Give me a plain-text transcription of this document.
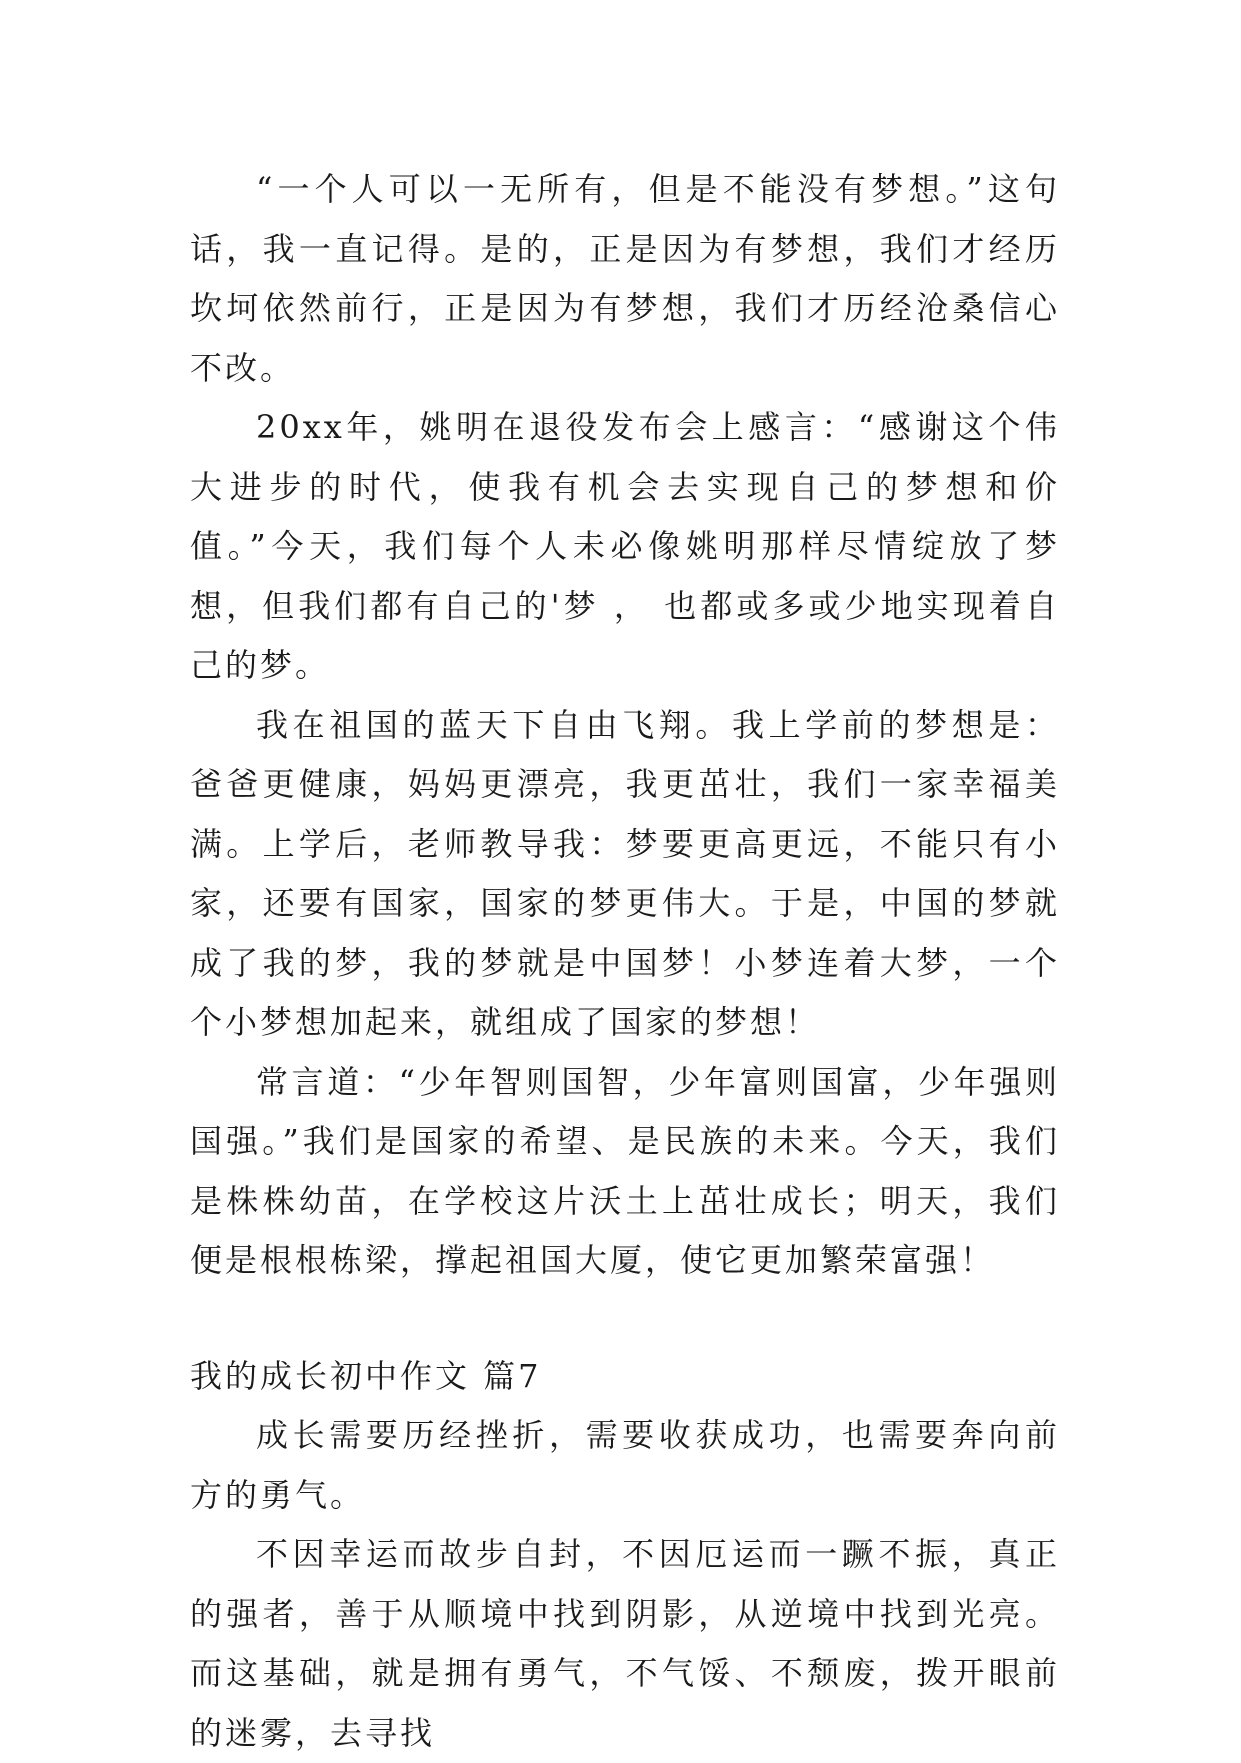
“一个人可以一无所有，但是不能没有梦想。”这句话，我一直记得。是的，正是因为有梦想，我们才经历坎坷依然前行，正是因为有梦想，我们才历经沧桑信心不改。

20xx年，姚明在退役发布会上感言：“感谢这个伟大进步的时代，使我有机会去实现自己的梦想和价值。”今天，我们每个人未必像姚明那样尽情绽放了梦想，但我们都有自己的'梦 ， 也都或多或少地实现着自己的梦。

我在祖国的蓝天下自由飞翔。我上学前的梦想是：爸爸更健康，妈妈更漂亮，我更茁壮，我们一家幸福美满。上学后，老师教导我：梦要更高更远，不能只有小家，还要有国家，国家的梦更伟大。于是，中国的梦就成了我的梦，我的梦就是中国梦！小梦连着大梦，一个个小梦想加起来，就组成了国家的梦想！

常言道：“少年智则国智，少年富则国富，少年强则国强。”我们是国家的希望、是民族的未来。今天，我们是株株幼苗，在学校这片沃土上茁壮成长；明天，我们便是根根栋梁，撑起祖国大厦，使它更加繁荣富强！

我的成长初中作文 篇7

成长需要历经挫折，需要收获成功，也需要奔向前方的勇气。

不因幸运而故步自封，不因厄运而一蹶不振，真正的强者，善于从顺境中找到阴影，从逆境中找到光亮。而这基础，就是拥有勇气，不气馁、不颓废，拨开眼前的迷雾，去寻找
